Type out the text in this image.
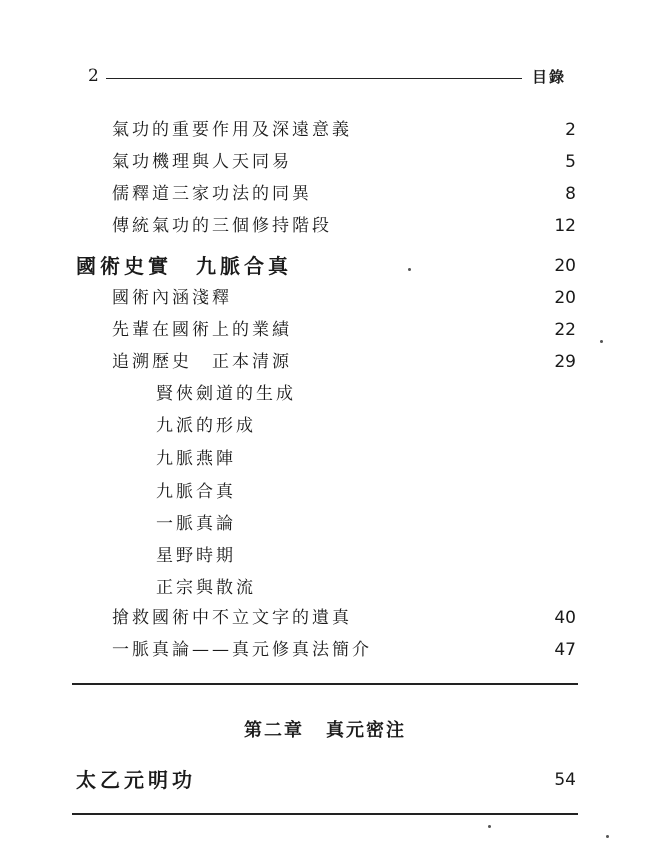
2	目錄
氣功的重要作用及深遠意義	2
氣功機理與人天同易	5
儒釋道三家功法的同異	8
傳統氣功的三個修持階段	12
國術史實　九脈合真	20
國術內涵淺釋	20
先輩在國術上的業績	22
追溯歷史　正本清源	29
賢俠劍道的生成
九派的形成
九脈燕陣
九脈合真
一脈真論
星野時期
正宗與散流
搶救國術中不立文字的遺真	40
一脈真論——真元修真法簡介	47
第二章 真元密注
太乙元明功	54
